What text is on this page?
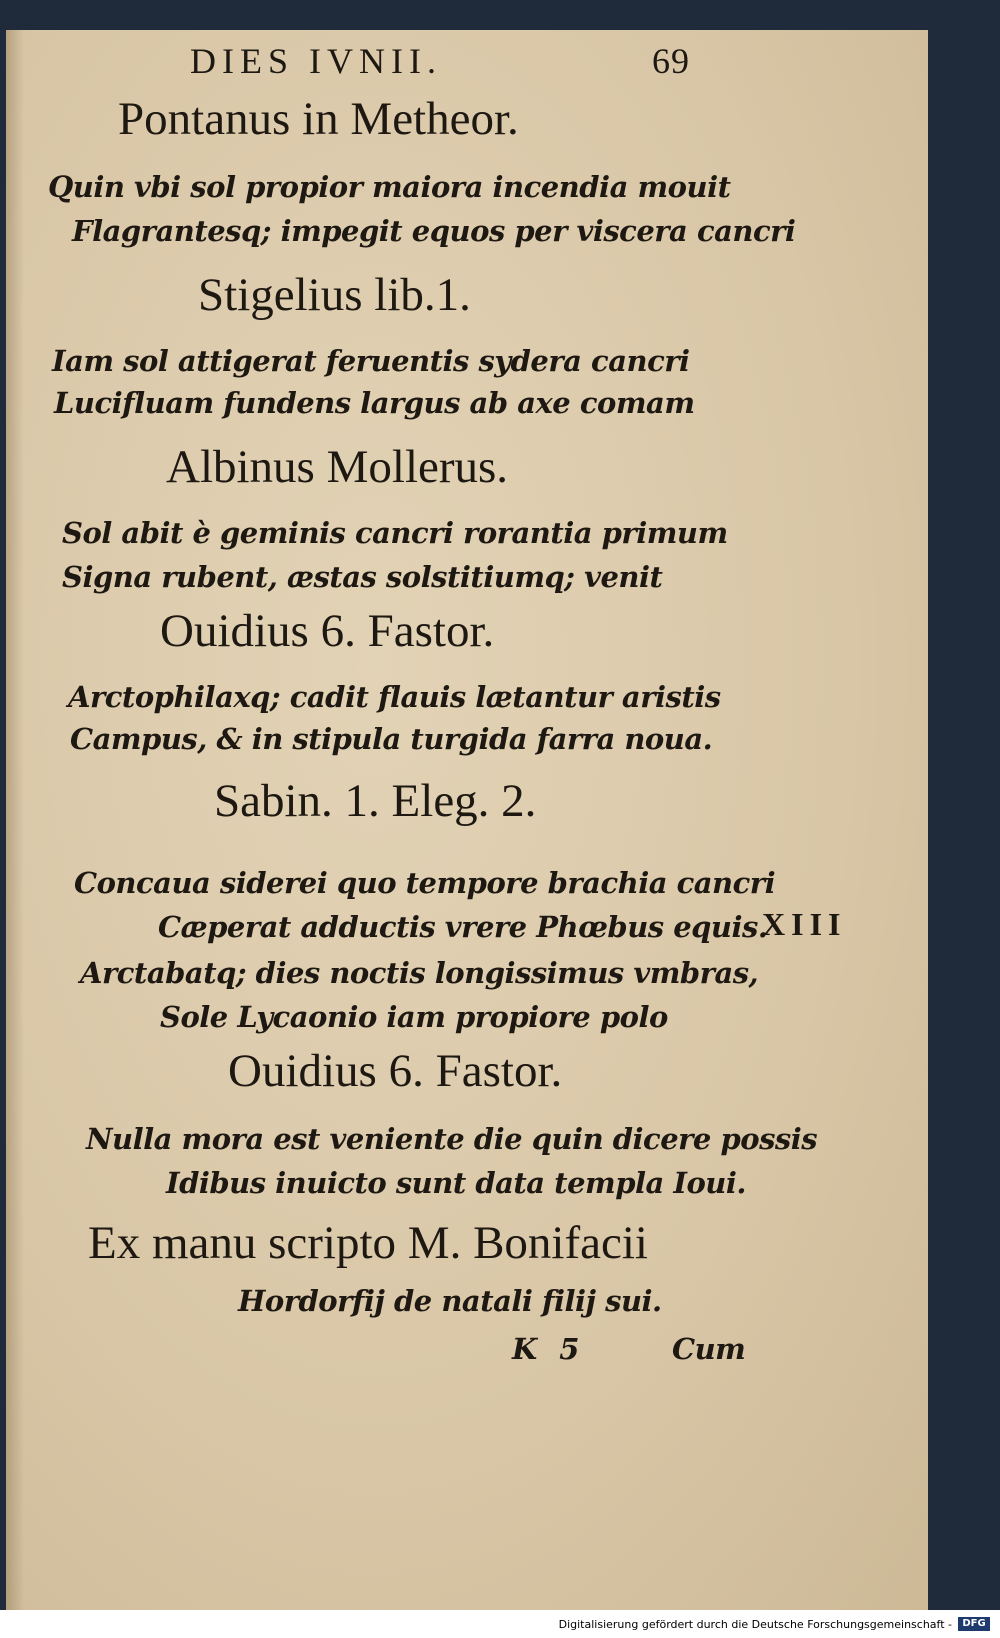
DIES IVNII.	69
Pontanus in Metheor.
Quin vbi sol propior maiora incendia mouit
Flagrantesq; impegit equos per viscera cancri
Stigelius lib.1.
Iam sol attigerat feruentis sydera cancri
Lucifluam fundens largus ab axe comam
Albinus Mollerus.
Sol abit è geminis cancri rorantia primum
Signa rubent, æstas solstitiumq; venit
Ouidius 6. Fastor.
Arctophilaxq; cadit flauis lætantur aristis
Campus, & in stipula turgida farra noua.
Sabin. 1. Eleg. 2.
Concaua siderei quo tempore brachia cancri
Cæperat adductis vrere Phœbus equis.
Arctabatq; dies noctis longissimus vmbras,
Sole Lycaonio iam propiore polo
XIII
Ouidius 6. Fastor.
Nulla mora est veniente die quin dicere possis
Idibus inuicto sunt data templa Ioui.
Ex manu scripto M. Bonifacii
Hordorfij de natali filij sui.
K 5	Cum
Digitalisierung gefördert durch die Deutsche Forschungsgemeinschaft -	DFG
